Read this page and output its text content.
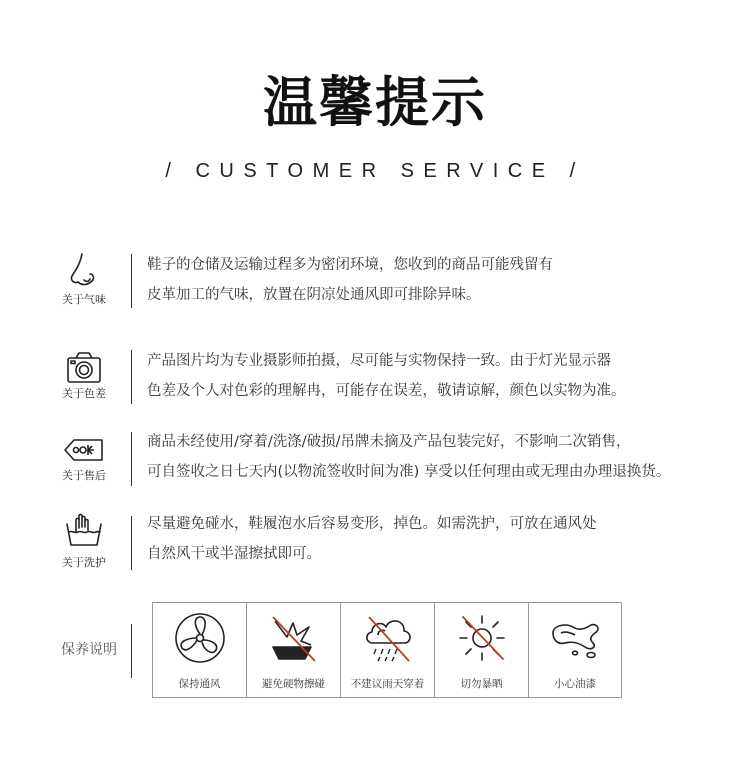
温馨提示
/ CUSTOMER SERVICE /
关于气味
鞋子的仓储及运输过程多为密闭环境，您收到的商品可能残留有
皮革加工的气味，放置在阴凉处通风即可排除异味。
关于色差
产品图片均为专业摄影师拍摄，尽可能与实物保持一致。由于灯光显示器
色差及个人对色彩的理解冉，可能存在误差，敬请谅解，颜色以实物为准。
关于售后
商品未经使用/穿着/洗涤/破损/吊牌未摘及产品包装完好，不影响二次销售，
可自签收之日七天内(以物流签收时间为准) 享受以任何理由或无理由办理退换货。
关于洗护
尽量避免碰水，鞋履泡水后容易变形，掉色。如需洗护，可放在通风处
自然风干或半湿擦拭即可。
保养说明
保持通风	避免硬物擦碰	不建议雨天穿着	切勿暴晒	小心油漆
